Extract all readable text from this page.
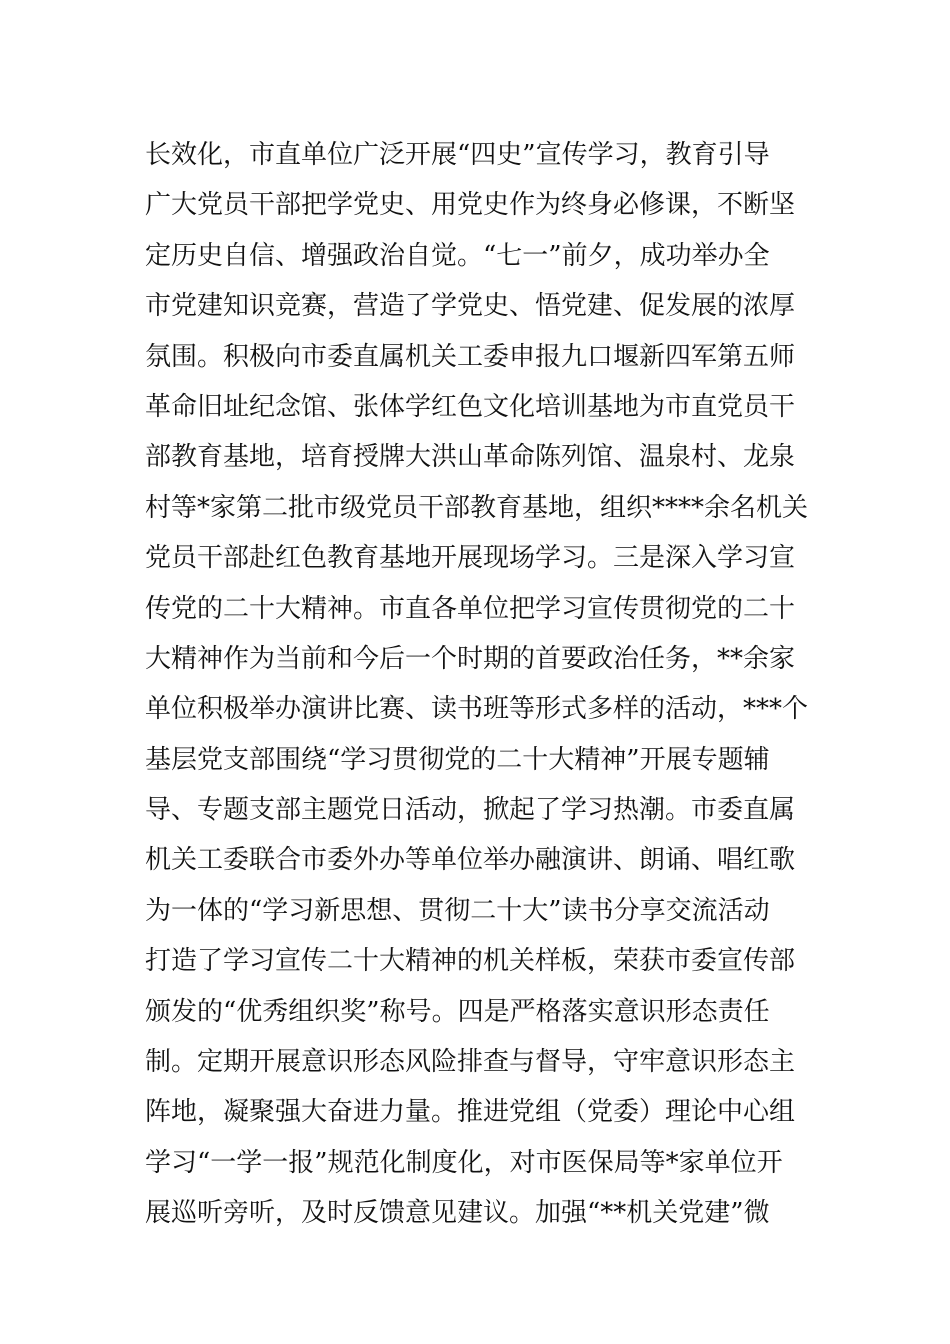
长效化，市直单位广泛开展“四史”宣传学习，教育引导
广大党员干部把学党史、用党史作为终身必修课，不断坚
定历史自信、增强政治自觉。“七一”前夕，成功举办全
市党建知识竞赛，营造了学党史、悟党建、促发展的浓厚
氛围。积极向市委直属机关工委申报九口堰新四军第五师
革命旧址纪念馆、张体学红色文化培训基地为市直党员干
部教育基地，培育授牌大洪山革命陈列馆、温泉村、龙泉
村等*家第二批市级党员干部教育基地，组织****余名机关
党员干部赴红色教育基地开展现场学习。三是深入学习宣
传党的二十大精神。市直各单位把学习宣传贯彻党的二十
大精神作为当前和今后一个时期的首要政治任务，**余家
单位积极举办演讲比赛、读书班等形式多样的活动，***个
基层党支部围绕“学习贯彻党的二十大精神”开展专题辅
导、专题支部主题党日活动，掀起了学习热潮。市委直属
机关工委联合市委外办等单位举办融演讲、朗诵、唱红歌
为一体的“学习新思想、贯彻二十大”读书分享交流活动
打造了学习宣传二十大精神的机关样板，荣获市委宣传部
颁发的“优秀组织奖”称号。四是严格落实意识形态责任
制。定期开展意识形态风险排查与督导，守牢意识形态主
阵地，凝聚强大奋进力量。推进党组（党委）理论中心组
学习“一学一报”规范化制度化，对市医保局等*家单位开
展巡听旁听，及时反馈意见建议。加强“**机关党建”微
